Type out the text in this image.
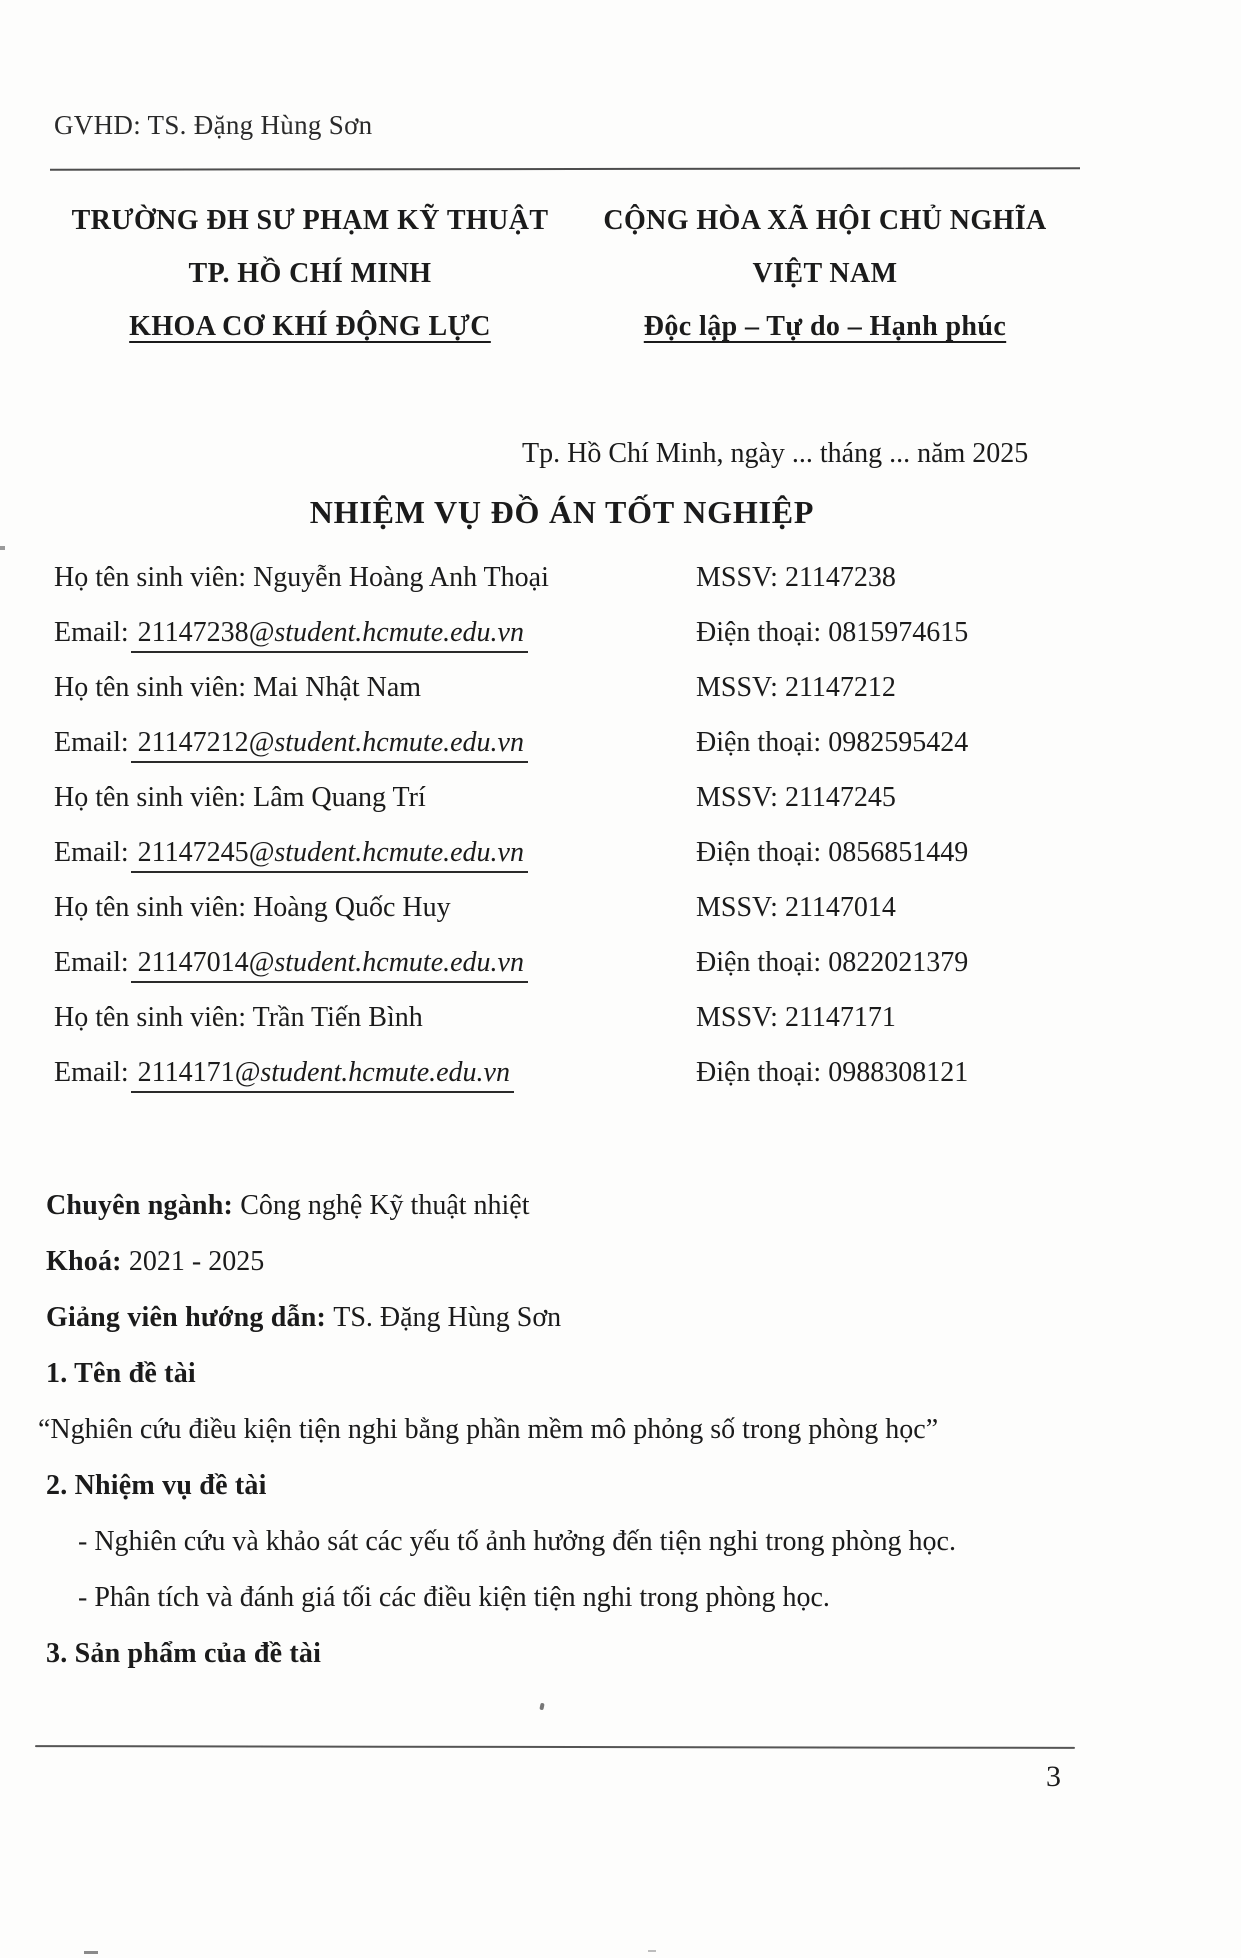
GVHD: TS. Đặng Hùng Sơn
TRƯỜNG ĐH SƯ PHẠM KỸ THUẬT
TP. HỒ CHÍ MINH
KHOA CƠ KHÍ ĐỘNG LỰC
CỘNG HÒA XÃ HỘI CHỦ NGHĨA
VIỆT NAM
Độc lập – Tự do – Hạnh phúc
Tp. Hồ Chí Minh, ngày ... tháng ... năm 2025
NHIỆM VỤ ĐỒ ÁN TỐT NGHIỆP
Họ tên sinh viên: Nguyễn Hoàng Anh Thoại
Email: 21147238@student.hcmute.edu.vn
Họ tên sinh viên: Mai Nhật Nam
Email: 21147212@student.hcmute.edu.vn
Họ tên sinh viên: Lâm Quang Trí
Email: 21147245@student.hcmute.edu.vn
Họ tên sinh viên: Hoàng Quốc Huy
Email: 21147014@student.hcmute.edu.vn
Họ tên sinh viên: Trần Tiến Bình
Email: 2114171@student.hcmute.edu.vn
MSSV: 21147238
Điện thoại: 0815974615
MSSV: 21147212
Điện thoại: 0982595424
MSSV: 21147245
Điện thoại: 0856851449
MSSV: 21147014
Điện thoại: 0822021379
MSSV: 21147171
Điện thoại: 0988308121
Chuyên ngành: Công nghệ Kỹ thuật nhiệt
Khoá: 2021 - 2025
Giảng viên hướng dẫn: TS. Đặng Hùng Sơn
1. Tên đề tài
“Nghiên cứu điều kiện tiện nghi bằng phần mềm mô phỏng số trong phòng học”
2. Nhiệm vụ đề tài
- Nghiên cứu và khảo sát các yếu tố ảnh hưởng đến tiện nghi trong phòng học.
- Phân tích và đánh giá tối các điều kiện tiện nghi trong phòng học.
3. Sản phẩm của đề tài
3
